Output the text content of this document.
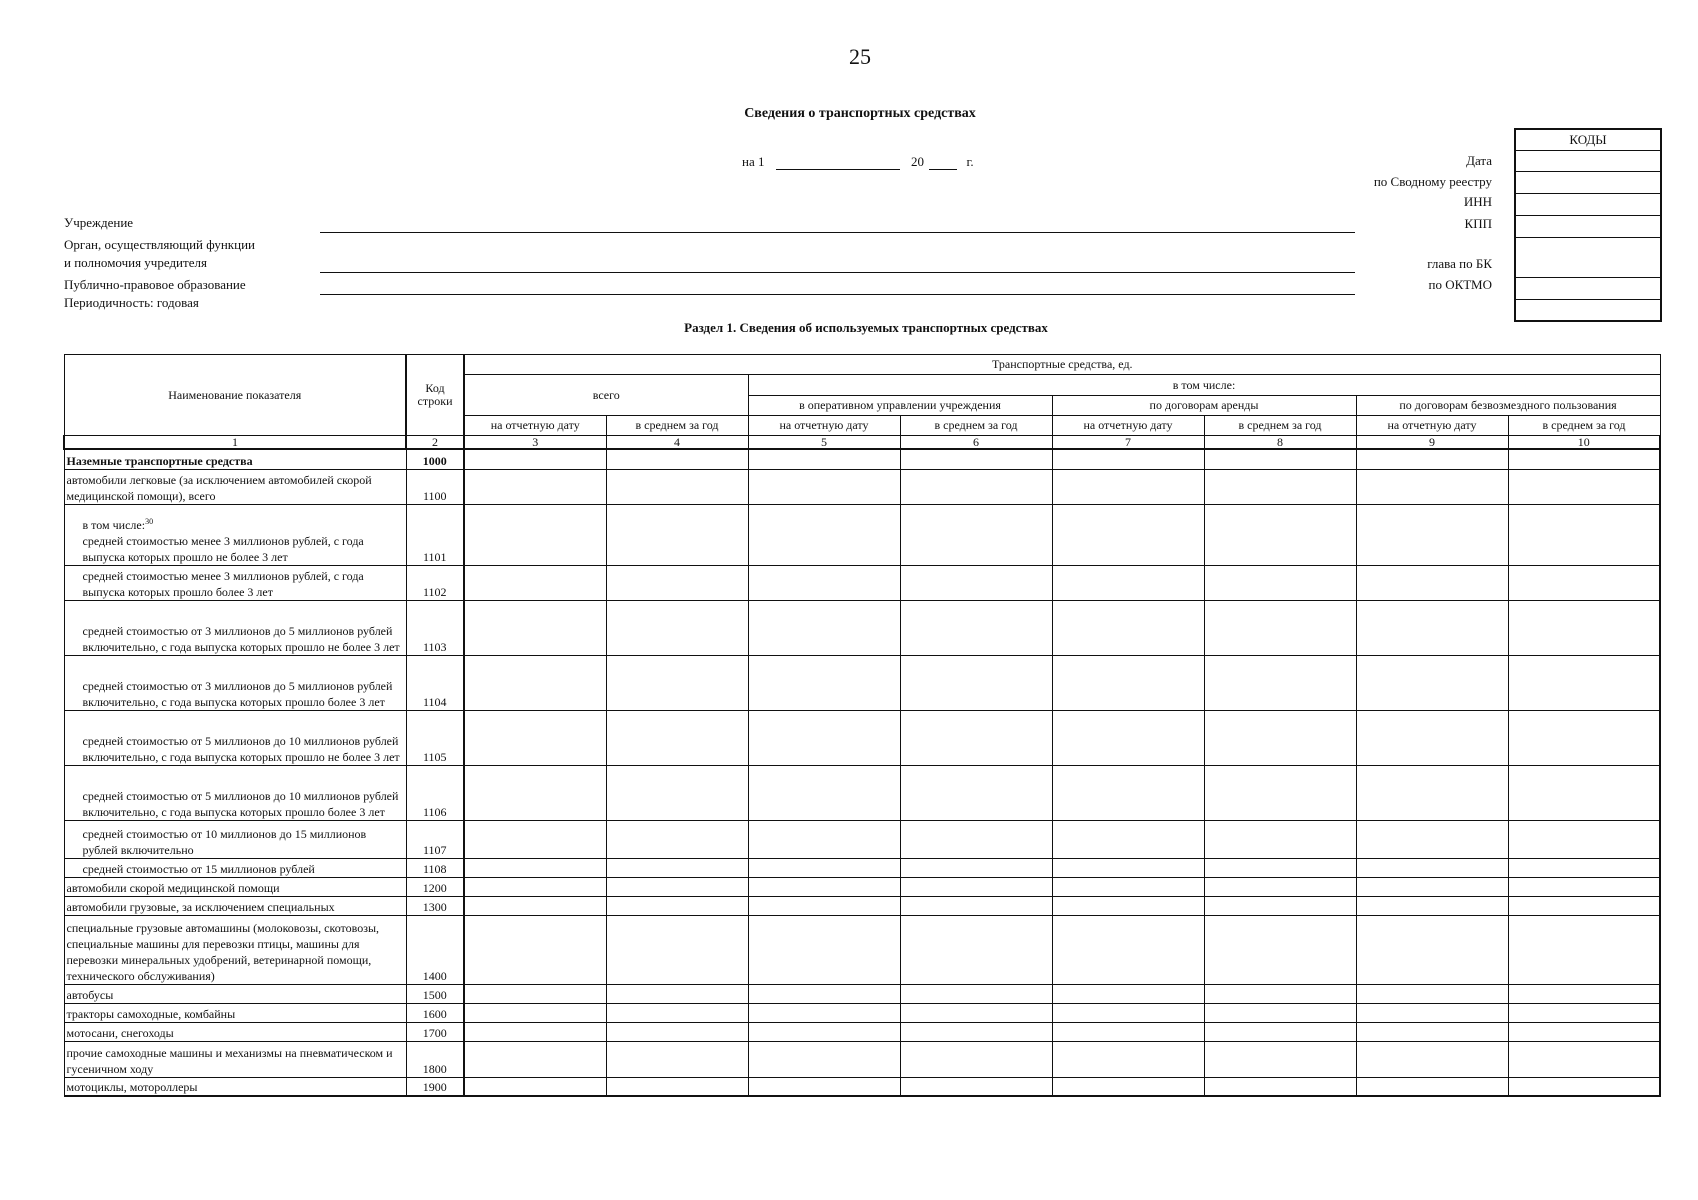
25
Сведения о транспортных средствах
на 1	20	г.
Учреждение
Орган, осуществляющий функции
и полномочия учредителя
Публично-правовое образование
Периодичность: годовая
Дата
по Сводному реестру
ИНН
КПП
глава по БК
по ОКТМО
КОДЫ
Раздел 1. Сведения об используемых транспортных средствах
Наименование показателя	Код строки	Транспортные средства, ед.							
		всего		в том числе:					
				в оперативном управлении учреждения		по договорам аренды		по договорам безвозмездного пользования	
		на отчетную дату	в среднем за год	на отчетную дату	в среднем за год	на отчетную дату	в среднем за год	на отчетную дату	в среднем за год
1	2	3	4	5	6	7	8	9	10
Наземные транспортные средства	1000								
автомобили легковые (за исключением автомобилей скорой медицинской помощи), всего	1100								
в том числе:$^{30}$
средней стоимостью менее 3 миллионов рублей, с года выпуска которых прошло не более 3 лет	1101								
средней стоимостью менее 3 миллионов рублей, с года выпуска которых прошло более 3 лет	1102								
средней стоимостью от 3 миллионов до 5 миллионов рублей включительно, с года выпуска которых прошло не более 3 лет	1103								
средней стоимостью от 3 миллионов до 5 миллионов рублей включительно, с года выпуска которых прошло более 3 лет	1104								
средней стоимостью от 5 миллионов до 10 миллионов рублей включительно, с года выпуска которых прошло не более 3 лет	1105								
средней стоимостью от 5 миллионов до 10 миллионов рублей включительно, с года выпуска которых прошло более 3 лет	1106								
средней стоимостью от 10 миллионов до 15 миллионов рублей включительно	1107								
средней стоимостью от 15 миллионов рублей	1108								
автомобили скорой медицинской помощи	1200								
автомобили грузовые, за исключением специальных	1300								
специальные грузовые автомашины (молоковозы, скотовозы, специальные машины для перевозки птицы, машины для перевозки минеральных удобрений, ветеринарной помощи, технического обслуживания)	1400								
автобусы	1500								
тракторы самоходные, комбайны	1600								
мотосани, снегоходы	1700								
прочие самоходные машины и механизмы на пневматическом и гусеничном ходу	1800								
мотоциклы, мотороллеры	1900								
